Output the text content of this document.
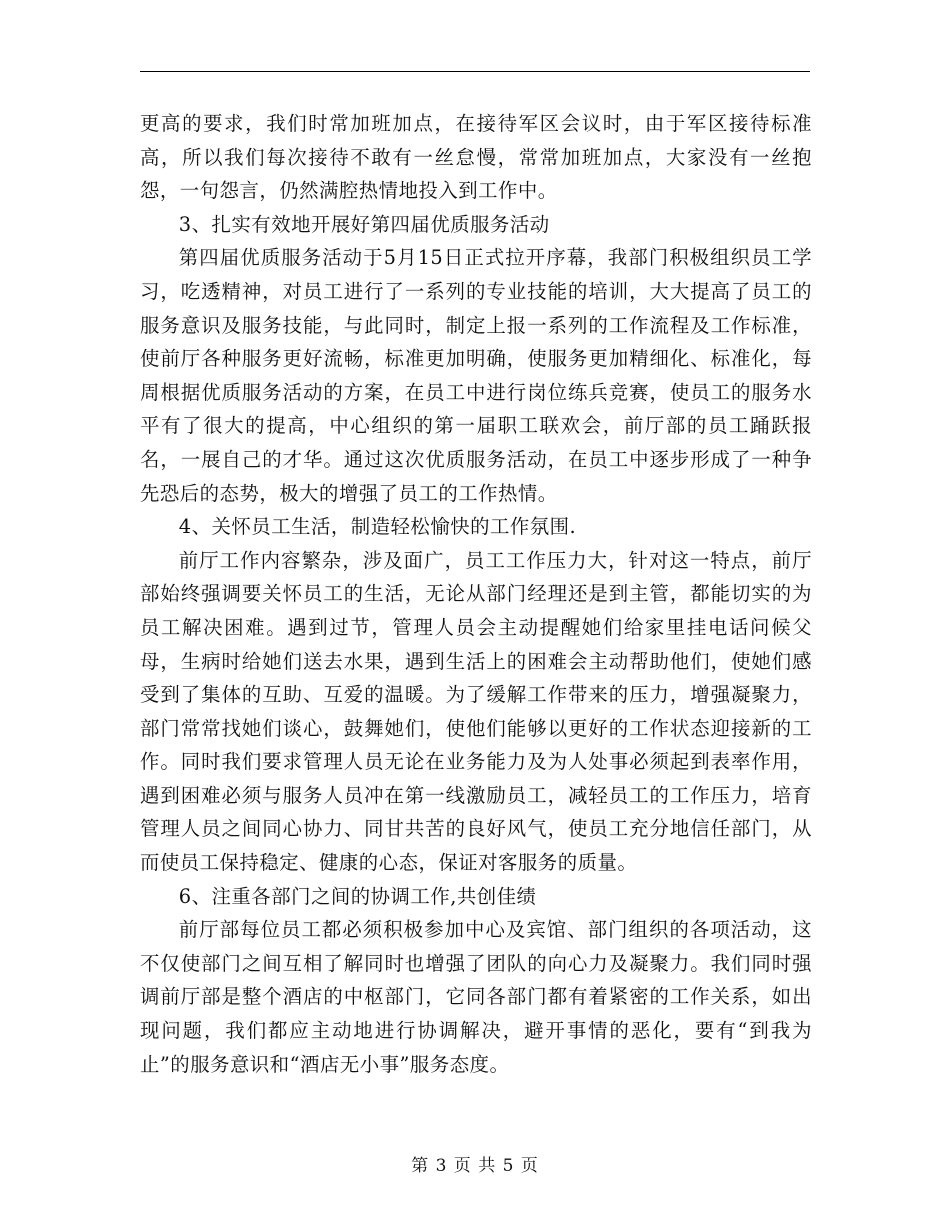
更高的要求，我们时常加班加点，在接待军区会议时，由于军区接待标准高，所以我们每次接待不敢有一丝怠慢，常常加班加点，大家没有一丝抱怨，一句怨言，仍然满腔热情地投入到工作中。

3、扎实有效地开展好第四届优质服务活动

第四届优质服务活动于5月15日正式拉开序幕，我部门积极组织员工学习，吃透精神，对员工进行了一系列的专业技能的培训，大大提高了员工的服务意识及服务技能，与此同时，制定上报一系列的工作流程及工作标准，使前厅各种服务更好流畅，标准更加明确，使服务更加精细化、标准化，每周根据优质服务活动的方案，在员工中进行岗位练兵竞赛，使员工的服务水平有了很大的提高，中心组织的第一届职工联欢会，前厅部的员工踊跃报名，一展自己的才华。通过这次优质服务活动，在员工中逐步形成了一种争先恐后的态势，极大的增强了员工的工作热情。

4、关怀员工生活，制造轻松愉快的工作氛围.

前厅工作内容繁杂，涉及面广，员工工作压力大，针对这一特点，前厅部始终强调要关怀员工的生活，无论从部门经理还是到主管，都能切实的为员工解决困难。遇到过节，管理人员会主动提醒她们给家里挂电话问候父母，生病时给她们送去水果，遇到生活上的困难会主动帮助他们，使她们感受到了集体的互助、互爱的温暖。为了缓解工作带来的压力，增强凝聚力，部门常常找她们谈心，鼓舞她们，使他们能够以更好的工作状态迎接新的工作。同时我们要求管理人员无论在业务能力及为人处事必须起到表率作用，遇到困难必须与服务人员冲在第一线激励员工，减轻员工的工作压力，培育管理人员之间同心协力、同甘共苦的良好风气，使员工充分地信任部门，从而使员工保持稳定、健康的心态，保证对客服务的质量。

6、注重各部门之间的协调工作,共创佳绩

前厅部每位员工都必须积极参加中心及宾馆、部门组织的各项活动，这不仅使部门之间互相了解同时也增强了团队的向心力及凝聚力。我们同时强调前厅部是整个酒店的中枢部门，它同各部门都有着紧密的工作关系，如出现问题，我们都应主动地进行协调解决，避开事情的恶化，要有“到我为止”的服务意识和“酒店无小事”服务态度。

第 3 页 共 5 页
